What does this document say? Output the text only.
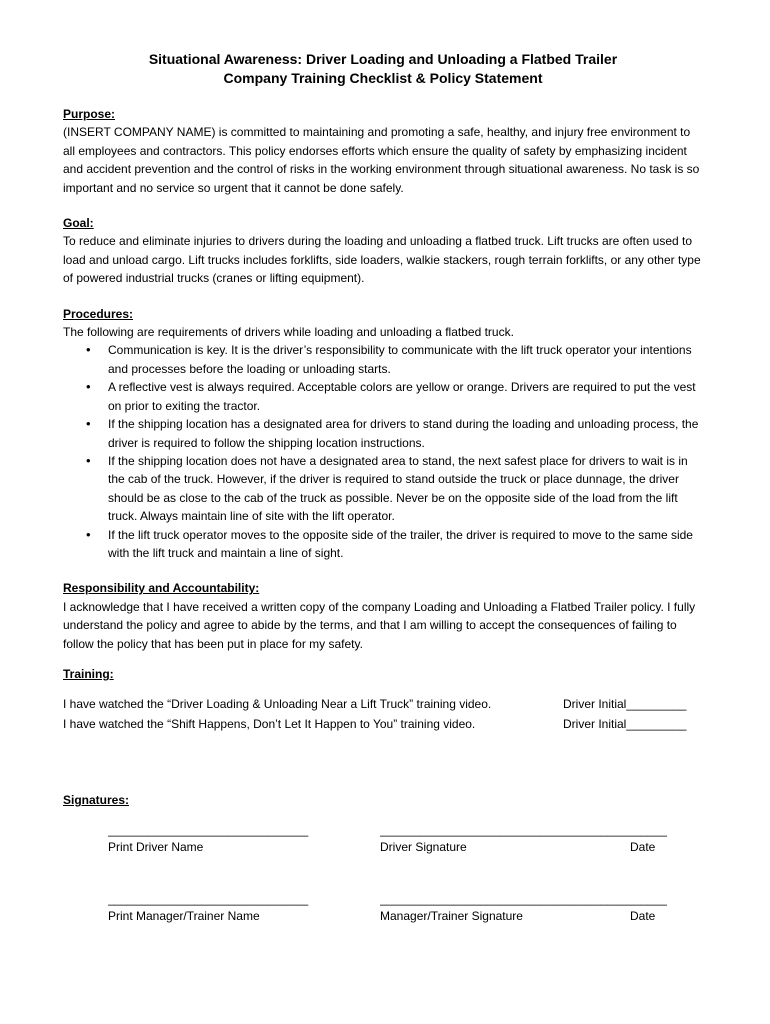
Situational Awareness: Driver Loading and Unloading a Flatbed Trailer
Company Training Checklist & Policy Statement
Purpose:

(INSERT COMPANY NAME) is committed to maintaining and promoting a safe, healthy, and injury free environment to all employees and contractors. This policy endorses efforts which ensure the quality of safety by emphasizing incident and accident prevention and the control of risks in the working environment through situational awareness. No task is so important and no service so urgent that it cannot be done safely.

Goal:

To reduce and eliminate injuries to drivers during the loading and unloading a flatbed truck. Lift trucks are often used to load and unload cargo. Lift trucks includes forklifts, side loaders, walkie stackers, rough terrain forklifts, or any other type of powered industrial trucks (cranes or lifting equipment).

Procedures:

The following are requirements of drivers while loading and unloading a flatbed truck.

• Communication is key. It is the driver’s responsibility to communicate with the lift truck operator your intentions and processes before the loading or unloading starts.
• A reflective vest is always required. Acceptable colors are yellow or orange. Drivers are required to put the vest on prior to exiting the tractor.
• If the shipping location has a designated area for drivers to stand during the loading and unloading process, the driver is required to follow the shipping location instructions.
• If the shipping location does not have a designated area to stand, the next safest place for drivers to wait is in the cab of the truck. However, if the driver is required to stand outside the truck or place dunnage, the driver should be as close to the cab of the truck as possible. Never be on the opposite side of the load from the lift truck. Always maintain line of site with the lift operator.
• If the lift truck operator moves to the opposite side of the trailer, the driver is required to move to the same side with the lift truck and maintain a line of sight.
Responsibility and Accountability:

I acknowledge that I have received a written copy of the company Loading and Unloading a Flatbed Trailer policy. I fully understand the policy and agree to abide by the terms, and that I am willing to accept the consequences of failing to follow the policy that has been put in place for my safety.

Training:
I have watched the “Driver Loading & Unloading Near a Lift Truck” training video.	Driver Initial_________
I have watched the “Shift Happens, Don’t Let It Happen to You” training video.	Driver Initial_________
Signatures:
______________________________	___________________________________________
Print Driver Name	Driver Signature	Date
______________________________	___________________________________________
Print Manager/Trainer Name	Manager/Trainer Signature	Date
